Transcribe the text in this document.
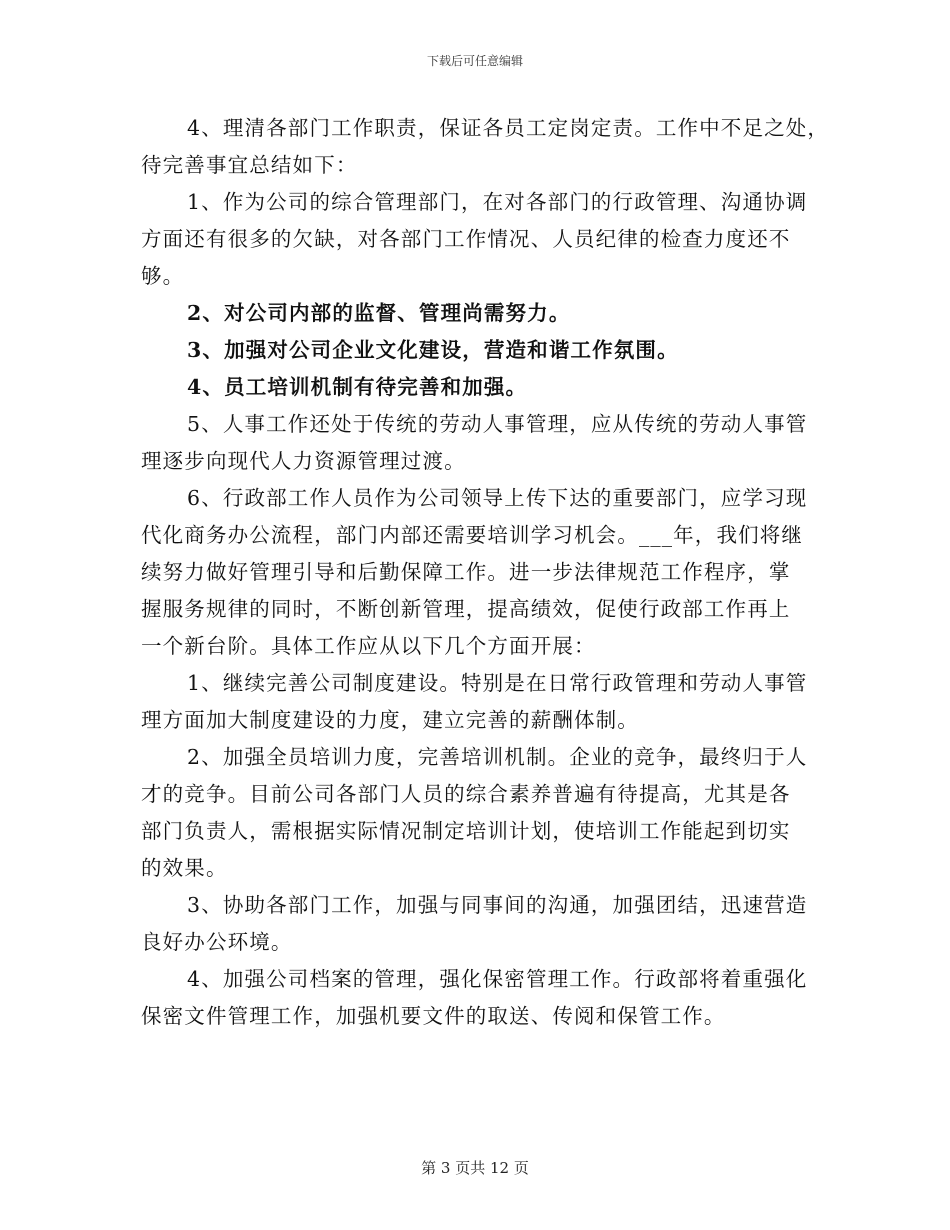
下载后可任意编辑
4、理清各部门工作职责，保证各员工定岗定责。工作中不足之处，
待完善事宜总结如下：
1、作为公司的综合管理部门，在对各部门的行政管理、沟通协调
方面还有很多的欠缺，对各部门工作情况、人员纪律的检查力度还不
够。
2、对公司内部的监督、管理尚需努力。
3、加强对公司企业文化建设，营造和谐工作氛围。
4、员工培训机制有待完善和加强。
5、人事工作还处于传统的劳动人事管理，应从传统的劳动人事管
理逐步向现代人力资源管理过渡。
6、行政部工作人员作为公司领导上传下达的重要部门，应学习现
代化商务办公流程，部门内部还需要培训学习机会。___年，我们将继
续努力做好管理引导和后勤保障工作。进一步法律规范工作程序，掌
握服务规律的同时，不断创新管理，提高绩效，促使行政部工作再上
一个新台阶。具体工作应从以下几个方面开展：
1、继续完善公司制度建设。特别是在日常行政管理和劳动人事管
理方面加大制度建设的力度，建立完善的薪酬体制。
2、加强全员培训力度，完善培训机制。企业的竞争，最终归于人
才的竞争。目前公司各部门人员的综合素养普遍有待提高，尤其是各
部门负责人，需根据实际情况制定培训计划，使培训工作能起到切实
的效果。
3、协助各部门工作，加强与同事间的沟通，加强团结，迅速营造
良好办公环境。
4、加强公司档案的管理，强化保密管理工作。行政部将着重强化
保密文件管理工作，加强机要文件的取送、传阅和保管工作。
第 3 页共 12 页
